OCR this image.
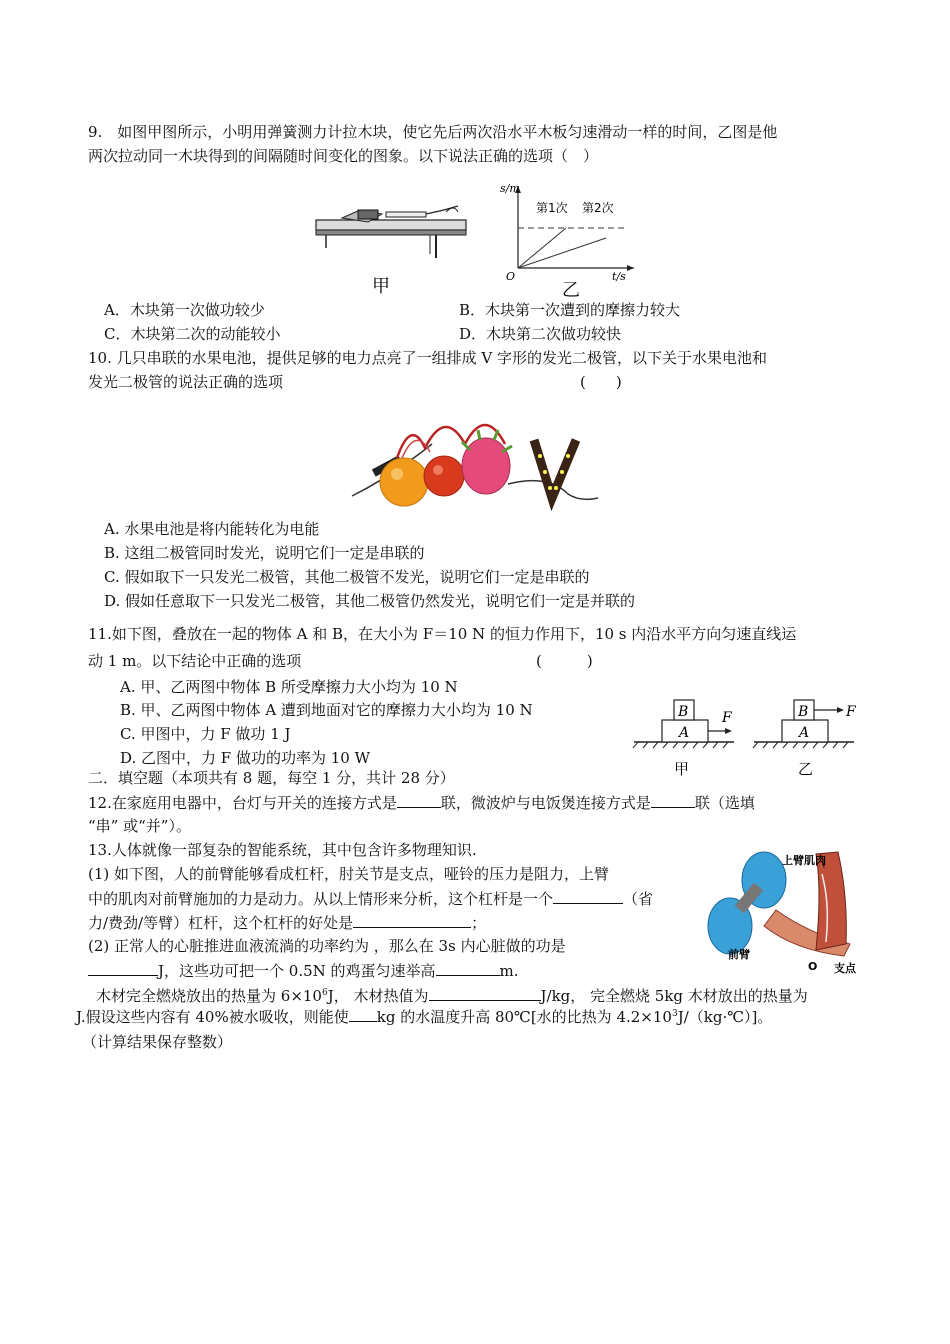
9.　如图甲图所示，小明用弹簧测力计拉木块，使它先后两次沿水平木板匀速滑动一样的时间，乙图是他
两次拉动同一木块得到的间隔随时间变化的图象。以下说法正确的选项（　）
甲
s/m
t/s
O
第1次 第2次
乙
A．木块第一次做功较少	B．木块第一次遭到的摩擦力较大
C．木块第二次的动能较小	D．木块第二次做功较快
10. 几只串联的水果电池，提供足够的电力点亮了一组排成 V 字形的发光二极管，以下关于水果电池和
发光二极管的说法正确的选项	(　　)
A. 水果电池是将内能转化为电能
B. 这组二极管同时发光，说明它们一定是串联的
C. 假如取下一只发光二极管，其他二极管不发光，说明它们一定是串联的
D. 假如任意取下一只发光二极管，其他二极管仍然发光，说明它们一定是并联的
11.如下图，叠放在一起的物体 A 和 B，在大小为 F＝10 N 的恒力作用下，10 s 内沿水平方向匀速直线运
动 1 m。以下结论中正确的选项	(　　　)
A. 甲、乙两图中物体 B 所受摩擦力大小均为 10 N
B. 甲、乙两图中物体 A 遭到地面对它的摩擦力大小均为 10 N
C. 甲图中，力 F 做功 1 J
D. 乙图中，力 F 做功的功率为 10 W
A
B F
甲
A
B	F
乙
二．填空题（本项共有 8 题，每空 1 分，共计 28 分）
12.在家庭用电器中，台灯与开关的连接方式是	联，微波炉与电饭煲连接方式是	联（选填
“串” 或“并”）。
13.人体就像一部复杂的智能系统，其中包含许多物理知识.
(1) 如下图，人的前臂能够看成杠杆，肘关节是支点，哑铃的压力是阻力，上臂
中的肌肉对前臂施加的力是动力。从以上情形来分析，这个杠杆是一个	（省
力/费劲/等臂）杠杆，这个杠杆的好处是	；
(2) 正常人的心脏推进血液流淌的功率约为 ，那么在 3s 内心脏做的功是
J，这些功可把一个 0.5N 的鸡蛋匀速举高	m.
上臂肌肉
前臂
O 支点
木材完全燃烧放出的热量为 $6\times 10^6J$， 木材热值为	J/kg， 完全燃烧 5kg 木材放出的热量为
J.假设这些内容有 40%被水吸收，则能使 kg 的水温度升高 80℃[水的比热为 $4.2\times 10^3J/(kg\cdot℃)$]。
（计算结果保存整数）
